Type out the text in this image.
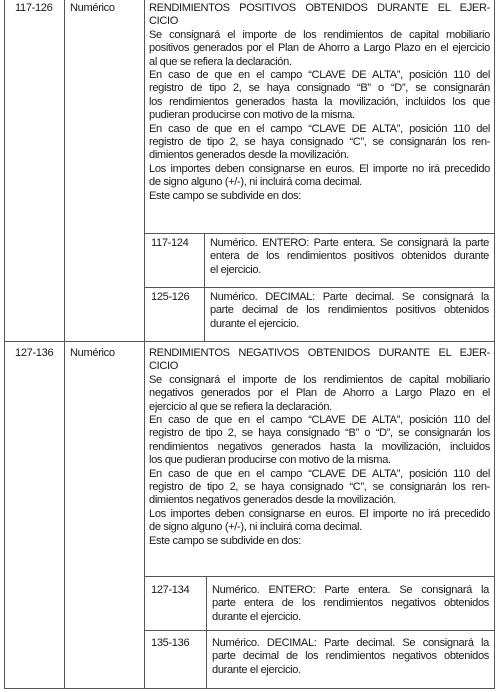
117-126 Numérico	RENDIMIENTOS POSITIVOS OBTENIDOS DURANTE EL EJER-
CICIO
Se consignará el importe de los rendimientos de capital mobiliario
positivos generados por el Plan de Ahorro a Largo Plazo en el ejercicio
al que se refiera la declaración.
En caso de que en el campo “CLAVE DE ALTA”, posición 110 del
registro de tipo 2, se haya consignado “B” o “D”, se consignarán
los rendimientos generados hasta la movilización, incluidos los que
pudieran producirse con motivo de la misma.
En caso de que en el campo “CLAVE DE ALTA”, posición 110 del
registro de tipo 2, se haya consignado “C”, se consignarán los ren-
dimientos generados desde la movilización.
Los importes deben consignarse en euros. El importe no irá precedido
de signo alguno (+/-), ni incluirá coma decimal.
Este campo se subdivide en dos:
117-124 Numérico. ENTERO: Parte entera. Se consignará la parte
entera de los rendimientos positivos obtenidos durante
el ejercicio.
125-126 Numérico. DECIMAL: Parte decimal. Se consignará la
parte decimal de los rendimientos positivos obtenidos
durante el ejercicio.
127-136 Numérico	RENDIMIENTOS NEGATIVOS OBTENIDOS DURANTE EL EJER-
CICIO
Se consignará el importe de los rendimientos de capital mobiliario
negativos generados por el Plan de Ahorro a Largo Plazo en el
ejercicio al que se refiera la declaración.
En caso de que en el campo “CLAVE DE ALTA”, posición 110 del
registro de tipo 2, se haya consignado “B” o “D”, se consignarán los
rendimientos negativos generados hasta la movilización, incluidos
los que pudieran producirse con motivo de la misma.
En caso de que en el campo “CLAVE DE ALTA”, posición 110 del
registro de tipo 2, se haya consignado “C”, se consignarán los ren-
dimientos negativos generados desde la movilización.
Los importes deben consignarse en euros. El importe no irá precedido
de signo alguno (+/-), ni incluirá coma decimal.
Este campo se subdivide en dos:
127-134 Numérico. ENTERO: Parte entera. Se consignará la
parte entera de los rendimientos negativos obtenidos
durante el ejercicio.
135-136 Numérico. DECIMAL: Parte decimal. Se consignará la
parte decimal de los rendimientos negativos obtenidos
durante el ejercicio.
